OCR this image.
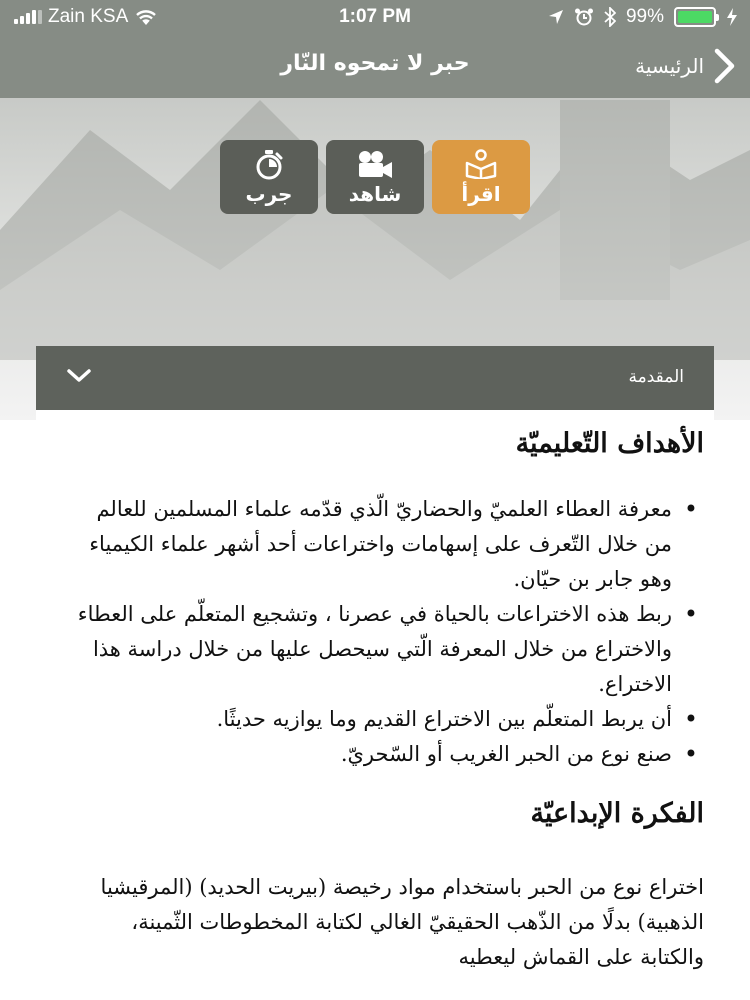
Zain KSA	1:07 PM	99%
حبر لا تمحوه النّار	الرئيسية
اقرأ
شاهد
جرب
المقدمة
الأهداف التّعليميّة
• معرفة العطاء العلميّ والحضاريّ الّذي قدّمه علماء المسلمين للعالم من خلال التّعرف على إسهامات واختراعات أحد أشهر علماء الكيمياء وهو جابر بن حيّان.
• ربط هذه الاختراعات بالحياة في عصرنا ، وتشجيع المتعلّم على العطاء والاختراع من خلال المعرفة الّتي سيحصل عليها من خلال دراسة هذا الاختراع.
• أن يربط المتعلّم بين الاختراع القديم وما يوازيه حديثًا.
• صنع نوع من الحبر الغريب أو السّحريّ.
الفكرة الإبداعيّة

اختراع نوع من الحبر باستخدام مواد رخيصة (بيريت الحديد) (المرقيشيا الذهبية) بدلًا من الذّهب الحقيقيّ الغالي لكتابة المخطوطات الثّمينة، والكتابة على القماش ليعطيه
